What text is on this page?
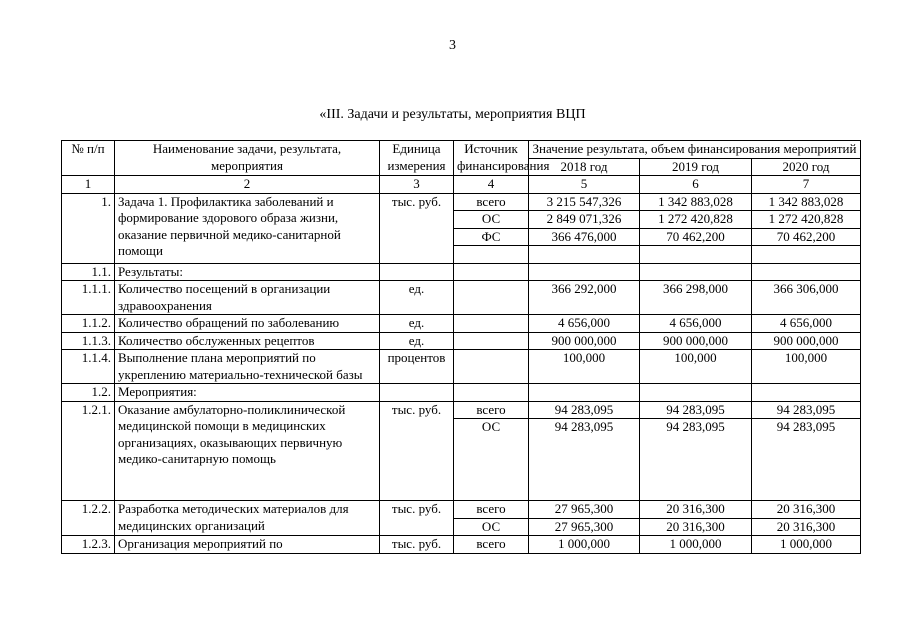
3
«III. Задачи и результаты, мероприятия ВЦП
№ п/п	Наименование задачи, результата, мероприятия	Единица измерения	Источник финансирования	Значение результата, объем финансирования мероприятий		
				2018 год	2019 год	2020 год
1	2	3	4	5	6	7
1.	Задача 1. Профилактика заболеваний и формирование здорового образа жизни, оказание первичной медико-санитарной помощи	тыс. руб.	всего	3 215 547,326	1 342 883,028	1 342 883,028
			ОС	2 849 071,326	1 272 420,828	1 272 420,828
			ФС	366 476,000	70 462,200	70 462,200

1.1.	Результаты:					
1.1.1.	Количество посещений в организации здравоохранения	ед.		366 292,000	366 298,000	366 306,000
1.1.2.	Количество обращений по заболеванию	ед.		4 656,000	4 656,000	4 656,000
1.1.3.	Количество обслуженных рецептов	ед.		900 000,000	900 000,000	900 000,000
1.1.4.	Выполнение плана мероприятий по укреплению материально-технической базы	процентов		100,000	100,000	100,000
1.2.	Мероприятия:					
1.2.1.	Оказание амбулаторно-поликлинической медицинской помощи в медицинских организациях, оказывающих первичную медико-санитарную помощь	тыс. руб.	всего	94 283,095	94 283,095	94 283,095
			ОС	94 283,095	94 283,095	94 283,095
1.2.2.	Разработка методических материалов для медицинских организаций	тыс. руб.	всего	27 965,300	20 316,300	20 316,300
			ОС	27 965,300	20 316,300	20 316,300
1.2.3.	Организация мероприятий по	тыс. руб.	всего	1 000,000	1 000,000	1 000,000
